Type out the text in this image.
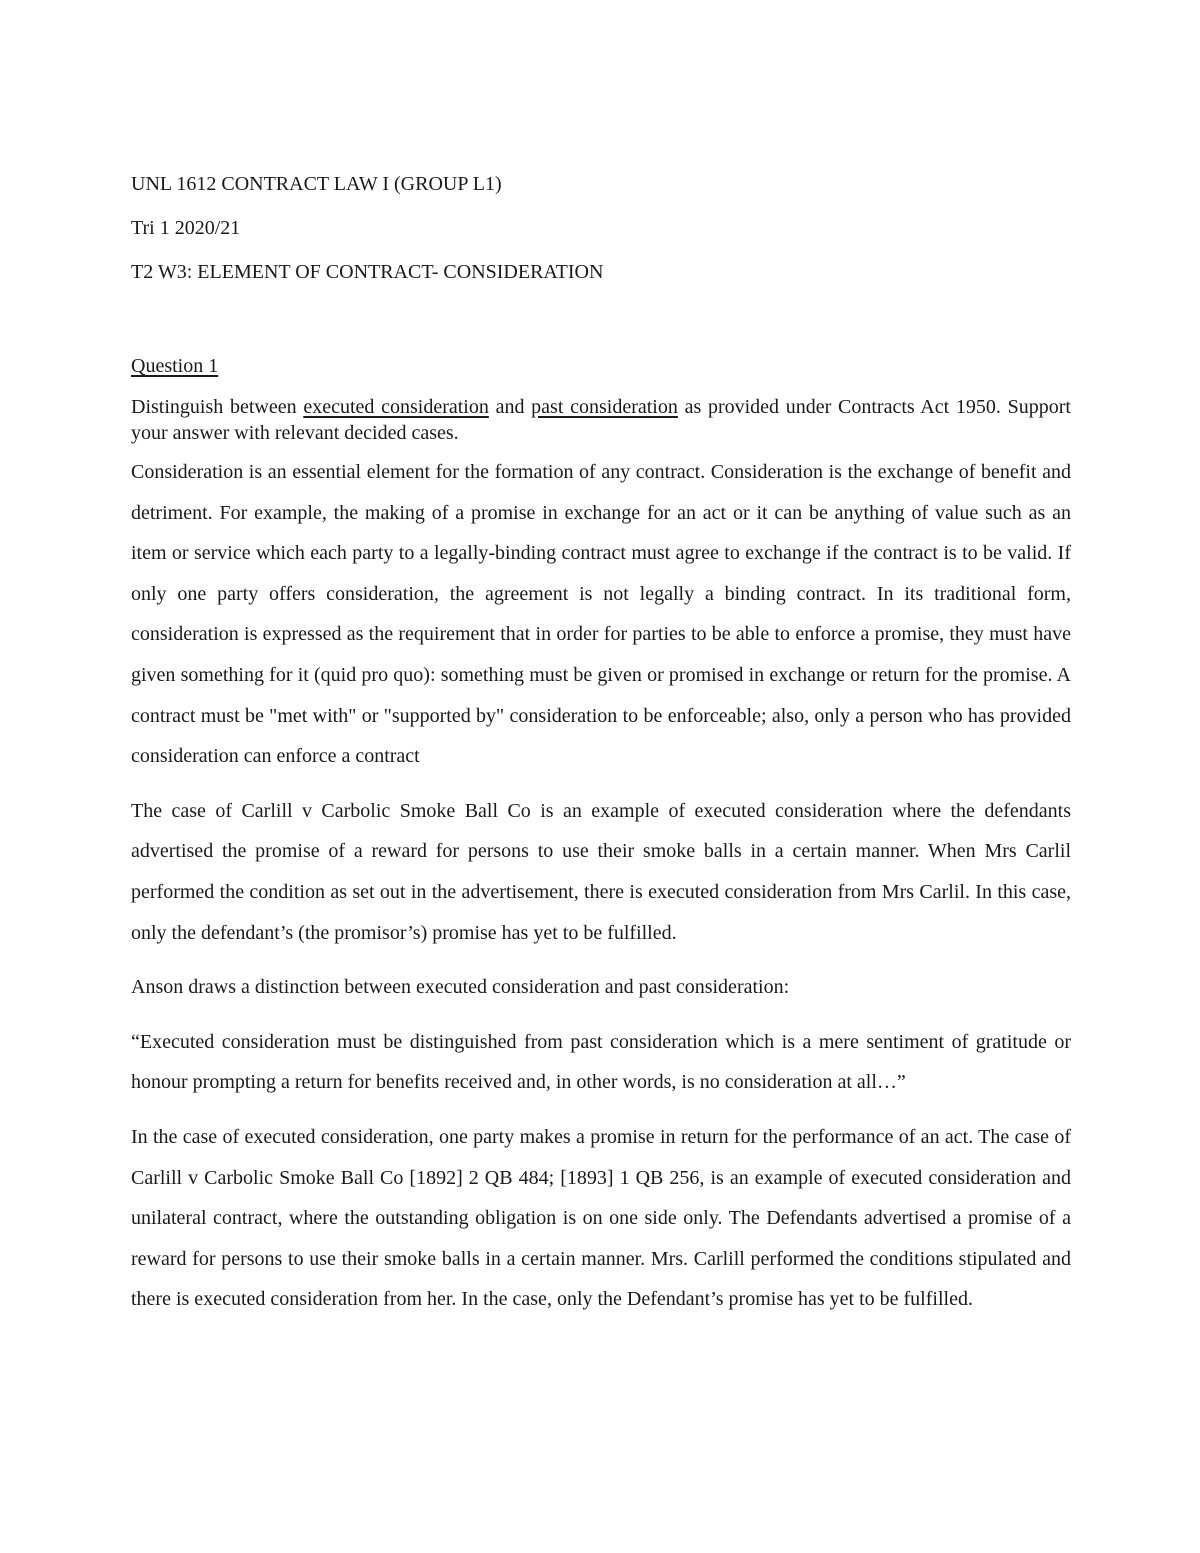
UNL 1612 CONTRACT LAW I (GROUP L1)

Tri 1 2020/21

T2 W3: ELEMENT OF CONTRACT- CONSIDERATION

Question 1

Distinguish between executed consideration and past consideration as provided under Contracts Act 1950. Support your answer with relevant decided cases.

Consideration is an essential element for the formation of any contract. Consideration is the exchange of benefit and detriment. For example, the making of a promise in exchange for an act or it can be anything of value such as an item or service which each party to a legally-binding contract must agree to exchange if the contract is to be valid. If only one party offers consideration, the agreement is not legally a binding contract. In its traditional form, consideration is expressed as the requirement that in order for parties to be able to enforce a promise, they must have given something for it (quid pro quo): something must be given or promised in exchange or return for the promise. A contract must be "met with" or "supported by" consideration to be enforceable; also, only a person who has provided consideration can enforce a contract

The case of Carlill v Carbolic Smoke Ball Co is an example of executed consideration where the defendants advertised the promise of a reward for persons to use their smoke balls in a certain manner. When Mrs Carlil performed the condition as set out in the advertisement, there is executed consideration from Mrs Carlil. In this case, only the defendant’s (the promisor’s) promise has yet to be fulfilled.

Anson draws a distinction between executed consideration and past consideration:

“Executed consideration must be distinguished from past consideration which is a mere sentiment of gratitude or honour prompting a return for benefits received and, in other words, is no consideration at all…”

In the case of executed consideration, one party makes a promise in return for the performance of an act. The case of Carlill v Carbolic Smoke Ball Co [1892] 2 QB 484; [1893] 1 QB 256, is an example of executed consideration and unilateral contract, where the outstanding obligation is on one side only. The Defendants advertised a promise of a reward for persons to use their smoke balls in a certain manner. Mrs. Carlill performed the conditions stipulated and there is executed consideration from her. In the case, only the Defendant’s promise has yet to be fulfilled.
